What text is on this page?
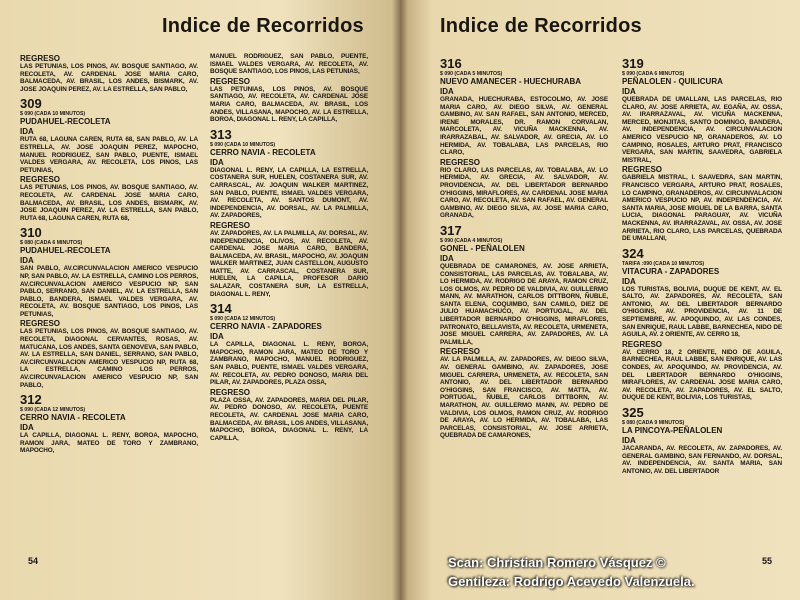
Indice de Recorridos
REGRESO
LAS PETUNIAS, LOS PINOS, AV. BOSQUE SANTIAGO, AV. RECOLETA, AV. CARDENAL JOSE MARIA CARO, BALMACEDA, AV. BRASIL, LOS ANDES, BISMARK, AV. JOSE JOAQUIN PEREZ, AV. LA ESTRELLA, SAN PABLO,
309
$ 090 (CADA 10 MINUTOS)
PUDAHUEL-RECOLETA
IDA
RUTA 68, LAGUNA CAREN, RUTA 68, SAN PABLO, AV. LA ESTRELLA, AV. JOSE JOAQUIN PEREZ, MAPOCHO, MANUEL RODRIGUEZ, SAN PABLO, PUENTE, ISMAEL VALDES VERGARA, AV. RECOLETA, LOS PINOS, LAS PETUNIAS,
REGRESO
LAS PETUNIAS, LOS PINOS, AV. BOSQUE SANTIAGO, AV. RECOLETA, AV. CARDENAL JOSE MARIA CARO, BALMACEDA, AV. BRASIL, LOS ANDES, BISMARK, AV. JOSE JOAQUIN PEREZ, AV. LA ESTRELLA, SAN PABLO, RUTA 68, LAGUNA CAREN, RUTA 68,
310
$ 080 (CADA 6 MINUTOS)
PUDAHUEL-RECOLETA
IDA
SAN PABLO, AV.CIRCUNVALACION AMERICO VESPUCIO NP, SAN PABLO, AV. LA ESTRELLA, CAMINO LOS PERROS, AV.CIRCUNVALACION AMERICO VESPUCIO NP, SAN PABLO, SERRANO, SAN DANIEL, AV. LA ESTRELLA, SAN PABLO, BANDERA, ISMAEL VALDES VERGARA, AV. RECOLETA, AV. BOSQUE SANTIAGO, LOS PINOS, LAS PETUNIAS,
REGRESO
LAS PETUNIAS, LOS PINOS, AV. BOSQUE SANTIAGO, AV. RECOLETA, DIAGONAL CERVANTES, ROSAS, AV. MATUCANA, LOS ANDES, SANTA GENOVEVA, SAN PABLO, AV. LA ESTRELLA, SAN DANIEL, SERRANO, SAN PABLO, AV.CIRCUNVALACION AMERICO VESPUCIO NP, RUTA 68, LA ESTRELLA, CAMINO LOS PERROS, AV.CIRCUNVALACION AMERICO VESPUCIO NP, SAN PABLO,
312
$ 090 (CADA 12 MINUTOS)
CERRO NAVIA - RECOLETA
IDA
LA CAPILLA, DIAGONAL L. RENY, BOROA, MAPOCHO, RAMON JARA, MATEO DE TORO Y ZAMBRANO, MAPOCHO,
MANUEL RODRIGUEZ, SAN PABLO, PUENTE, ISMAEL VALDES VERGARA, AV. RECOLETA, AV. BOSQUE SANTIAGO, LOS PINOS, LAS PETUNIAS,
REGRESO
LAS PETUNIAS, LOS PINOS, AV. BOSQUE SANTIAGO, AV. RECOLETA, AV. CARDENAL JOSE MARIA CARO, BALMACEDA, AV. BRASIL, LOS ANDES, VILLASANA, MAPOCHO, AV. LA ESTRELLA, BOROA, DIAGONAL L. RENY, LA CAPILLA,
313
$ 090 (CADA 10 MINUTOS)
CERRO NAVIA - RECOLETA
IDA
DIAGONAL L. RENY, LA CAPILLA, LA ESTRELLA, COSTANERA SUR, HUELEN, COSTANERA SUR, AV. CARRASCAL, AV. JOAQUIN WALKER MARTINEZ, SAN PABLO, PUENTE, ISMAEL VALDES VERGARA, AV. RECOLETA, AV. SANTOS DUMONT, AV. INDEPENDENCIA, AV. DORSAL, AV. LA PALMILLA, AV. ZAPADORES,
REGRESO
AV. ZAPADORES, AV. LA PALMILLA, AV. DORSAL, AV. INDEPENDENCIA, OLIVOS, AV. RECOLETA, AV. CARDENAL JOSE MARIA CARO, BANDERA, BALMACEDA, AV. BRASIL, MAPOCHO, AV. JOAQUIN WALKER MARTINEZ, JUAN CASTELLON, AUGUSTO MATTE, AV. CARRASCAL, COSTANERA SUR, HUELEN, LA CAPILLA, PROFESOR DARIO SALAZAR, COSTANERA SUR, LA ESTRELLA, DIAGONAL L. RENY,
314
$ 090 (CADA 12 MINUTOS)
CERRO NAVIA - ZAPADORES
IDA
LA CAPILLA, DIAGONAL L. RENY, BOROA, MAPOCHO, RAMON JARA, MATEO DE TORO Y ZAMBRANO, MAPOCHO, MANUEL RODRIGUEZ, SAN PABLO, PUENTE, ISMAEL VALDES VERGARA, AV. RECOLETA, AV. PEDRO DONOSO, MARIA DEL PILAR, AV. ZAPADORES, PLAZA OSSA,
REGRESO
PLAZA OSSA, AV. ZAPADORES, MARIA DEL PILAR, AV. PEDRO DONOSO, AV. RECOLETA, PUENTE RECOLETA, AV. CARDENAL JOSE MARIA CARO, BALMACEDA, AV. BRASIL, LOS ANDES, VILLASANA, MAPOCHO, BOROA, DIAGONAL L. RENY, LA CAPILLA,
54
Indice de Recorridos
316
$ 090 (CADA 5 MINUTOS)
NUEVO AMANECER - HUECHURABA
IDA
GRANADA, HUECHURABA, ESTOCOLMO, AV. JOSE MARIA CARO, AV. DIEGO SILVA, AV. GENERAL GAMBINO, AV. SAN RAFAEL, SAN ANTONIO, MERCED, IRENE MORALES, DR. RAMON CORVALAN, MARCOLETA, AV. VICUÑA MACKENNA, AV. IRARRAZABAL, AV. SALVADOR, AV. GRECIA, AV. LO HERMIDA, AV. TOBALABA, LAS PARCELAS, RIO CLARO,
REGRESO
RIO CLARO, LAS PARCELAS, AV. TOBALABA, AV. LO HERMIDA, AV. GRECIA, AV. SALVADOR, AV. PROVIDENCIA, AV. DEL LIBERTADOR BERNARDO O'HIGGINS, MIRAFLORES, AV. CARDENAL JOSE MARIA CARO, AV. RECOLETA, AV. SAN RAFAEL, AV. GENERAL GAMBINO, AV. DIEGO SILVA, AV. JOSE MARIA CARO, GRANADA,
317
$ 090 (CADA 4 MINUTOS)
GONEL - PEÑALOLEN
IDA
QUEBRADA DE CAMARONES, AV. JOSE ARRIETA, CONSISTORIAL, LAS PARCELAS, AV. TOBALABA, AV. LO HERMIDA, AV. RODRIGO DE ARAYA, RAMON CRUZ, LOS OLMOS, AV. PEDRO DE VALDIVIA, AV. GUILLERMO MANN, AV. MARATHON, CARLOS DITTBORN, ÑUBLE, SANTA ELENA, COQUIMBO, SAN CAMILO, DIEZ DE JULIO HUAMACHUCO, AV. PORTUGAL, AV. DEL LIBERTADOR BERNARDO O'HIGGINS, MIRAFLORES, PATRONATO, BELLAVISTA, AV. RECOLETA, URMENETA, JOSE MIGUEL CARRERA, AV. ZAPADORES, AV. LA PALMILLA,
REGRESO
AV. LA PALMILLA, AV. ZAPADORES, AV. DIEGO SILVA, AV. GENERAL GAMBINO, AV. ZAPADORES, JOSE MIGUEL CARRERA, URMENETA, AV. RECOLETA, SAN ANTONIO, AV. DEL LIBERTADOR BERNARDO O'HIGGINS, SAN FRANCISCO, AV. MATTA, AV. PORTUGAL, ÑUBLE, CARLOS DITTBORN, AV. MARATHON, AV. GUILLERMO MANN, AV. PEDRO DE VALDIVIA, LOS OLMOS, RAMON CRUZ, AV. RODRIGO DE ARAYA, AV. LO HERMIDA, AV. TOBALABA, LAS PARCELAS, CONSISTORIAL, AV. JOSE ARRIETA, QUEBRADA DE CAMARONES,
319
$ 090 (CADA 6 MINUTOS)
PEÑALOLEN - QUILICURA
IDA
QUEBRADA DE UMALLANI, LAS PARCELAS, RIO CLARO, AV. JOSE ARRIETA, AV. EGAÑA, AV. OSSA, AV. IRARRAZAVAL, AV. VICUÑA MACKENNA, MERCED, MONJITAS, SANTO DOMINGO, BANDERA, AV. INDEPENDENCIA, AV. CIRCUNVALACION AMERICO VESPUCIO NP, GRANADEROS, AV. LO CAMPINO, ROSALES, ARTURO PRAT, FRANCISCO VERGARA, SAN MARTIN, SAAVEDRA, GABRIELA MISTRAL,
REGRESO
GABRIELA MISTRAL, I. SAAVEDRA, SAN MARTIN, FRANCISCO VERGARA, ARTURO PRAT, ROSALES, LO CAMPINO, GRANADEROS, AV. CIRCUNVALACION AMERICO VESPUCIO NP, AV. INDEPENDENCIA, AV. SANTA MARIA, JOSE MIGUEL DE LA BARRA, SANTA LUCIA, DIAGONAL PARAGUAY, AV. VICUÑA MACKENNA, AV. IRARRAZAVAL, AV. OSSA, AV. JOSE ARRIETA, RIO CLARO, LAS PARCELAS, QUEBRADA DE UMALLANI,
324
TARIFA :090 (CADA 10 MINUTOS)
VITACURA - ZAPADORES
IDA
LOS TURISTAS, BOLIVIA, DUQUE DE KENT, AV. EL SALTO, AV. ZAPADORES, AV. RECOLETA, SAN ANTONIO, AV. DEL LIBERTADOR BERNARDO O'HIGGINS, AV. PROVIDENCIA, AV. 11 DE SEPTIEMBRE, AV. APOQUINDO, AV. LAS CONDES, SAN ENRIQUE, RAUL LABBE, BARNECHEA, NIDO DE AGUILA, AV. 2 ORIENTE, AV. CERRO 18,
REGRESO
AV. CERRO 18, 2 ORIENTE, NIDO DE AGUILA, BARNECHEA, RAUL LABBE, SAN ENRIQUE, AV. LAS CONDES, AV. APOQUINDO, AV. PROVIDENCIA, AV. DEL LIBERTADOR BERNARDO O'HIGGINS, MIRAFLORES, AV. CARDENAL JOSE MARIA CARO, AV. RECOLETA, AV. ZAPADORES, AV. EL SALTO, DUQUE DE KENT, BOLIVIA, LOS TURISTAS,
325
$ 080 (CADA 9 MINUTOS)
LA PINCOYA-PEÑALOLEN
IDA
JACARANDA, AV. RECOLETA, AV. ZAPADORES, AV. GENERAL GAMBINO, SAN FERNANDO, AV. DORSAL, AV. INDEPENDENCIA, AV. SANTA MARIA, SAN ANTONIO, AV. DEL LIBERTADOR
55
Scan: Christian Romero Vásquez ©
Gentileza: Rodrigo Acevedo Valenzuela.
